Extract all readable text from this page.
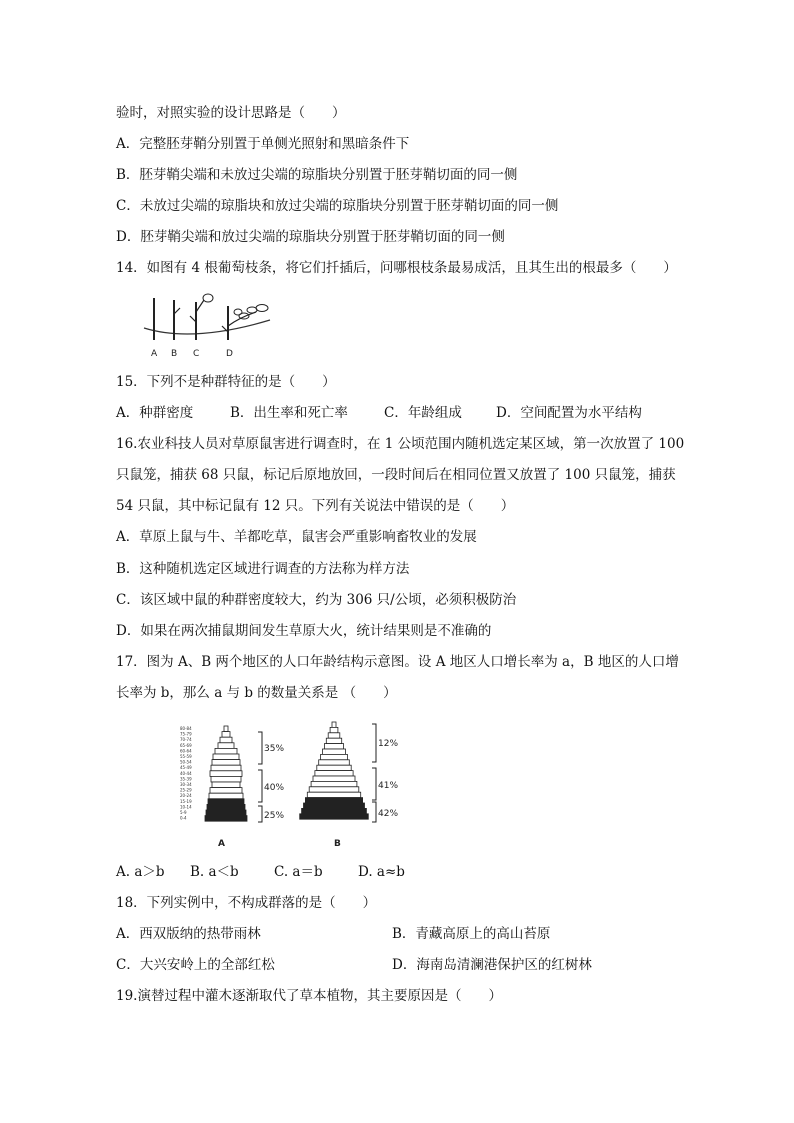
验时，对照实验的设计思路是（　　）
A．完整胚芽鞘分别置于单侧光照射和黑暗条件下
B．胚芽鞘尖端和未放过尖端的琼脂块分别置于胚芽鞘切面的同一侧
C．未放过尖端的琼脂块和放过尖端的琼脂块分别置于胚芽鞘切面的同一侧
D．胚芽鞘尖端和放过尖端的琼脂块分别置于胚芽鞘切面的同一侧
14．如图有 4 根葡萄枝条，将它们扦插后，问哪根枝条最易成活，且其生出的根最多（　　）
A B C	D
15．下列不是种群特征的是（　　）
A．种群密度	B．出生率和死亡率	C．年龄组成	D．空间配置为水平结构
16.农业科技人员对草原鼠害进行调查时，在 1 公顷范围内随机选定某区域，第一次放置了 100
只鼠笼，捕获 68 只鼠，标记后原地放回，一段时间后在相同位置又放置了 100 只鼠笼，捕获
54 只鼠，其中标记鼠有 12 只。下列有关说法中错误的是（　　）
A．草原上鼠与牛、羊都吃草，鼠害会严重影响畜牧业的发展
B．这种随机选定区域进行调查的方法称为样方法
C．该区域中鼠的种群密度较大，约为 306 只/公顷，必须积极防治
D．如果在两次捕鼠期间发生草原大火，统计结果则是不准确的
17．图为 A、B 两个地区的人口年龄结构示意图。设 A 地区人口增长率为 a，B 地区的人口增
长率为 b，那么 a 与 b 的数量关系是 （　　）
80-84
75-79
70-74
65-69
60-64
55-59
50-54
45-49
40-44
35-39
30-34
25-29
20-24
15-19
10-14
5-9
0-4
35%
40%
25%
12%
41%
42%
A	B
A. a＞b B. a＜b	C. a＝b	D. a≈b
18．下列实例中，不构成群落的是（　　）
A．西双版纳的热带雨林	B．青藏高原上的高山苔原
C．大兴安岭上的全部红松	D．海南岛清澜港保护区的红树林
19.演替过程中灌木逐渐取代了草本植物，其主要原因是（　　）
